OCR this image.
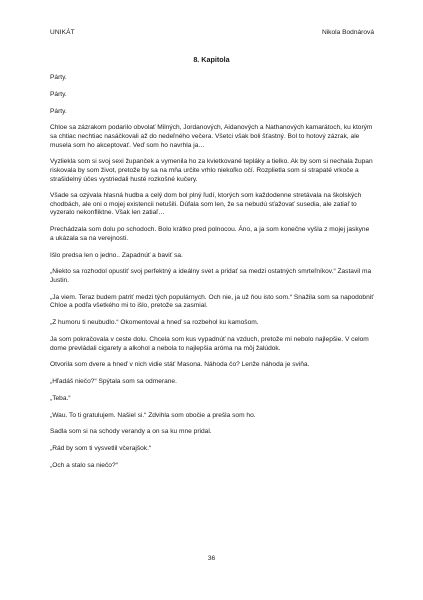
UNIKÁT	Nikola Bodnárová
8. Kapitola

Párty.

Párty.

Párty.

Chloe sa zázrakom podarilo obvolať Milných, Jordanových, Aidanových a Nathanových kamarátoch, ku ktorým sa chtiac nechtiac nasáčkovali až do nedeľného večera. Všetci však boli šťastný. Bol to hotový zázrak, ale musela som ho akceptovať. Veď som ho navrhla ja…

Vyzliekla som si svoj sexi županček a vymenila ho za kvietkované tepláky a tielko. Ak by som si nechala župan riskovala by som život, pretože by sa na mňa určite vrhlo niekoľko očí. Rozplietla som si strapaté vrkoče a strašidelný účes vystriedali husté rozkošné kučery.

Všade sa ozývala hlasná hudba a celý dom bol plný ľudí, ktorých som každodenne stretávala na školských chodbách, ale oni o mojej existencii netušili. Dúfala som len, že sa nebudú sťažovať susedia, ale zatiaľ to vyzeralo nekonfliktne. Však len zatiaľ…

Prechádzala som dolu po schodoch. Bolo krátko pred polnocou. Áno, a ja som konečne vyšla z mojej jaskyne a ukázala sa na verejnosti.

Išlo predsa len o jedno.. Zapadnúť a baviť sa.

„Niekto sa rozhodol opustiť svoj perfektný a ideálny svet a pridať sa medzi ostatných smrteľníkov.“ Zastavil ma Justin.

„Ja viem. Teraz budem patriť medzi tých populárnych. Och nie, ja už ňou isto som.“ Snažila som sa napodobniť Chloe a podľa všetkého mi to išlo, pretože sa zasmial.

„Z humoru ti neubudlo.“ Okomentoval a hneď sa rozbehol ku kamošom.

Ja som pokračovala v ceste dolu. Chcela som kus vypadnúť na vzduch, pretože mi nebolo najlepšie. V celom dome prevládali cigarety a alkohol a nebola to najlepšia aróma na môj žalúdok.

Otvorila som dvere a hneď v nich vidie stáť Masona. Náhoda čo? Lenže náhoda je sviňa.

„Hľadáš niečo?“ Spýtala som sa odmerane.

„Teba.“

„Wau. To ti gratulujem. Našiel si.“ Zdvihla som obočie a prešla som ho.

Sadla som si na schody verandy a on sa ku mne pridal.

„Rád by som ti vysvetlil včerajšok.“

„Och a stalo sa niečo?“

36
